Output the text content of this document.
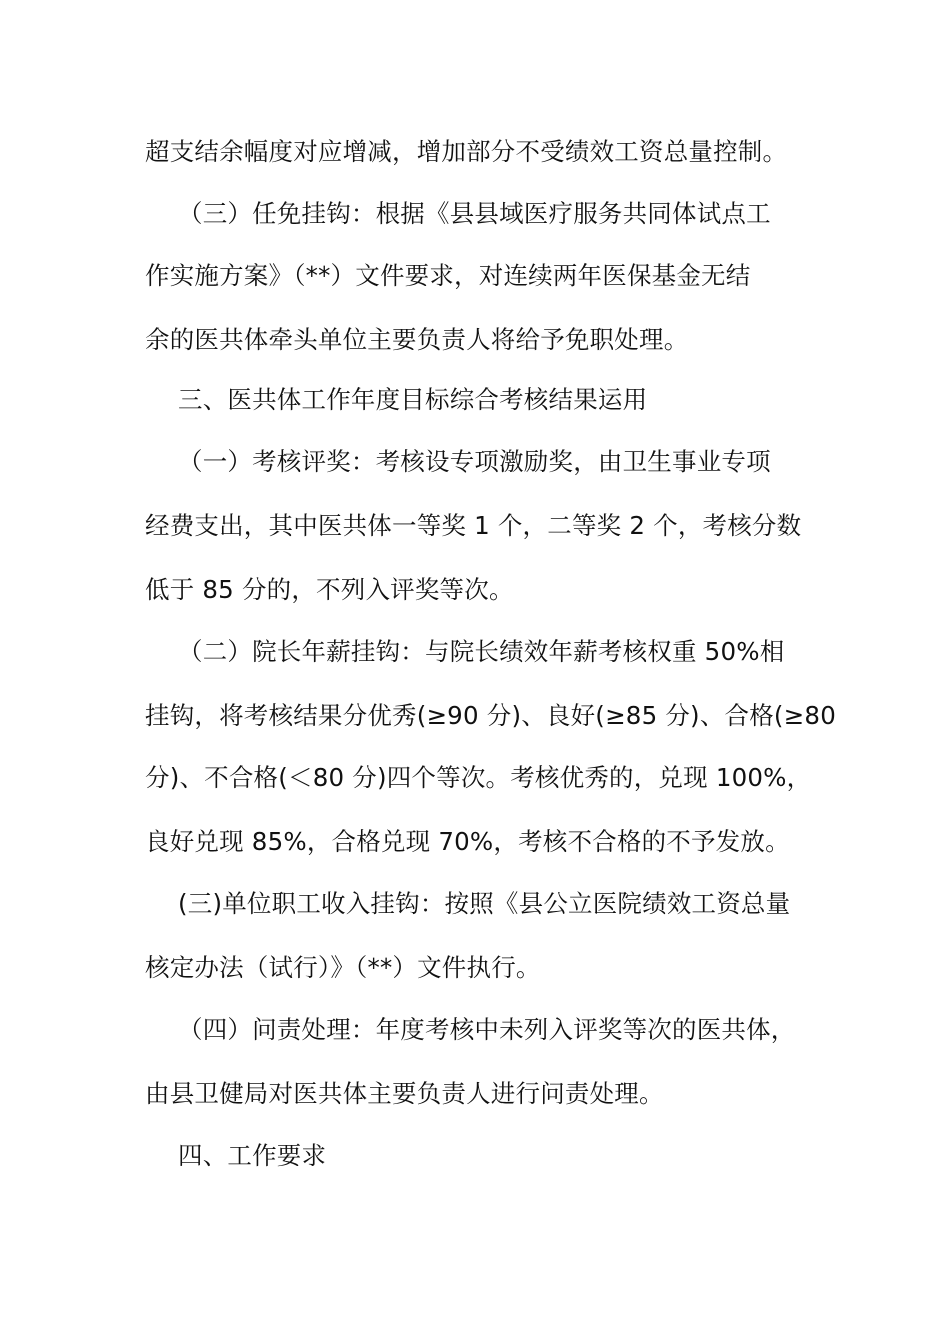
超支结余幅度对应增减，增加部分不受绩效工资总量控制。
（三）任免挂钩：根据《县县域医疗服务共同体试点工
作实施方案》（**）文件要求，对连续两年医保基金无结
余的医共体牵头单位主要负责人将给予免职处理。
三、医共体工作年度目标综合考核结果运用
（一）考核评奖：考核设专项激励奖，由卫生事业专项
经费支出，其中医共体一等奖 1 个，二等奖 2 个，考核分数
低于 85 分的，不列入评奖等次。
（二）院长年薪挂钩：与院长绩效年薪考核权重 50%相
挂钩，将考核结果分优秀(≥90 分)、良好(≥85 分)、合格(≥80
分)、不合格(＜80 分)四个等次。考核优秀的，兑现 100%，
良好兑现 85%，合格兑现 70%，考核不合格的不予发放。
(三)单位职工收入挂钩：按照《县公立医院绩效工资总量
核定办法（试行）》（**）文件执行。
（四）问责处理：年度考核中未列入评奖等次的医共体，
由县卫健局对医共体主要负责人进行问责处理。
四、工作要求
